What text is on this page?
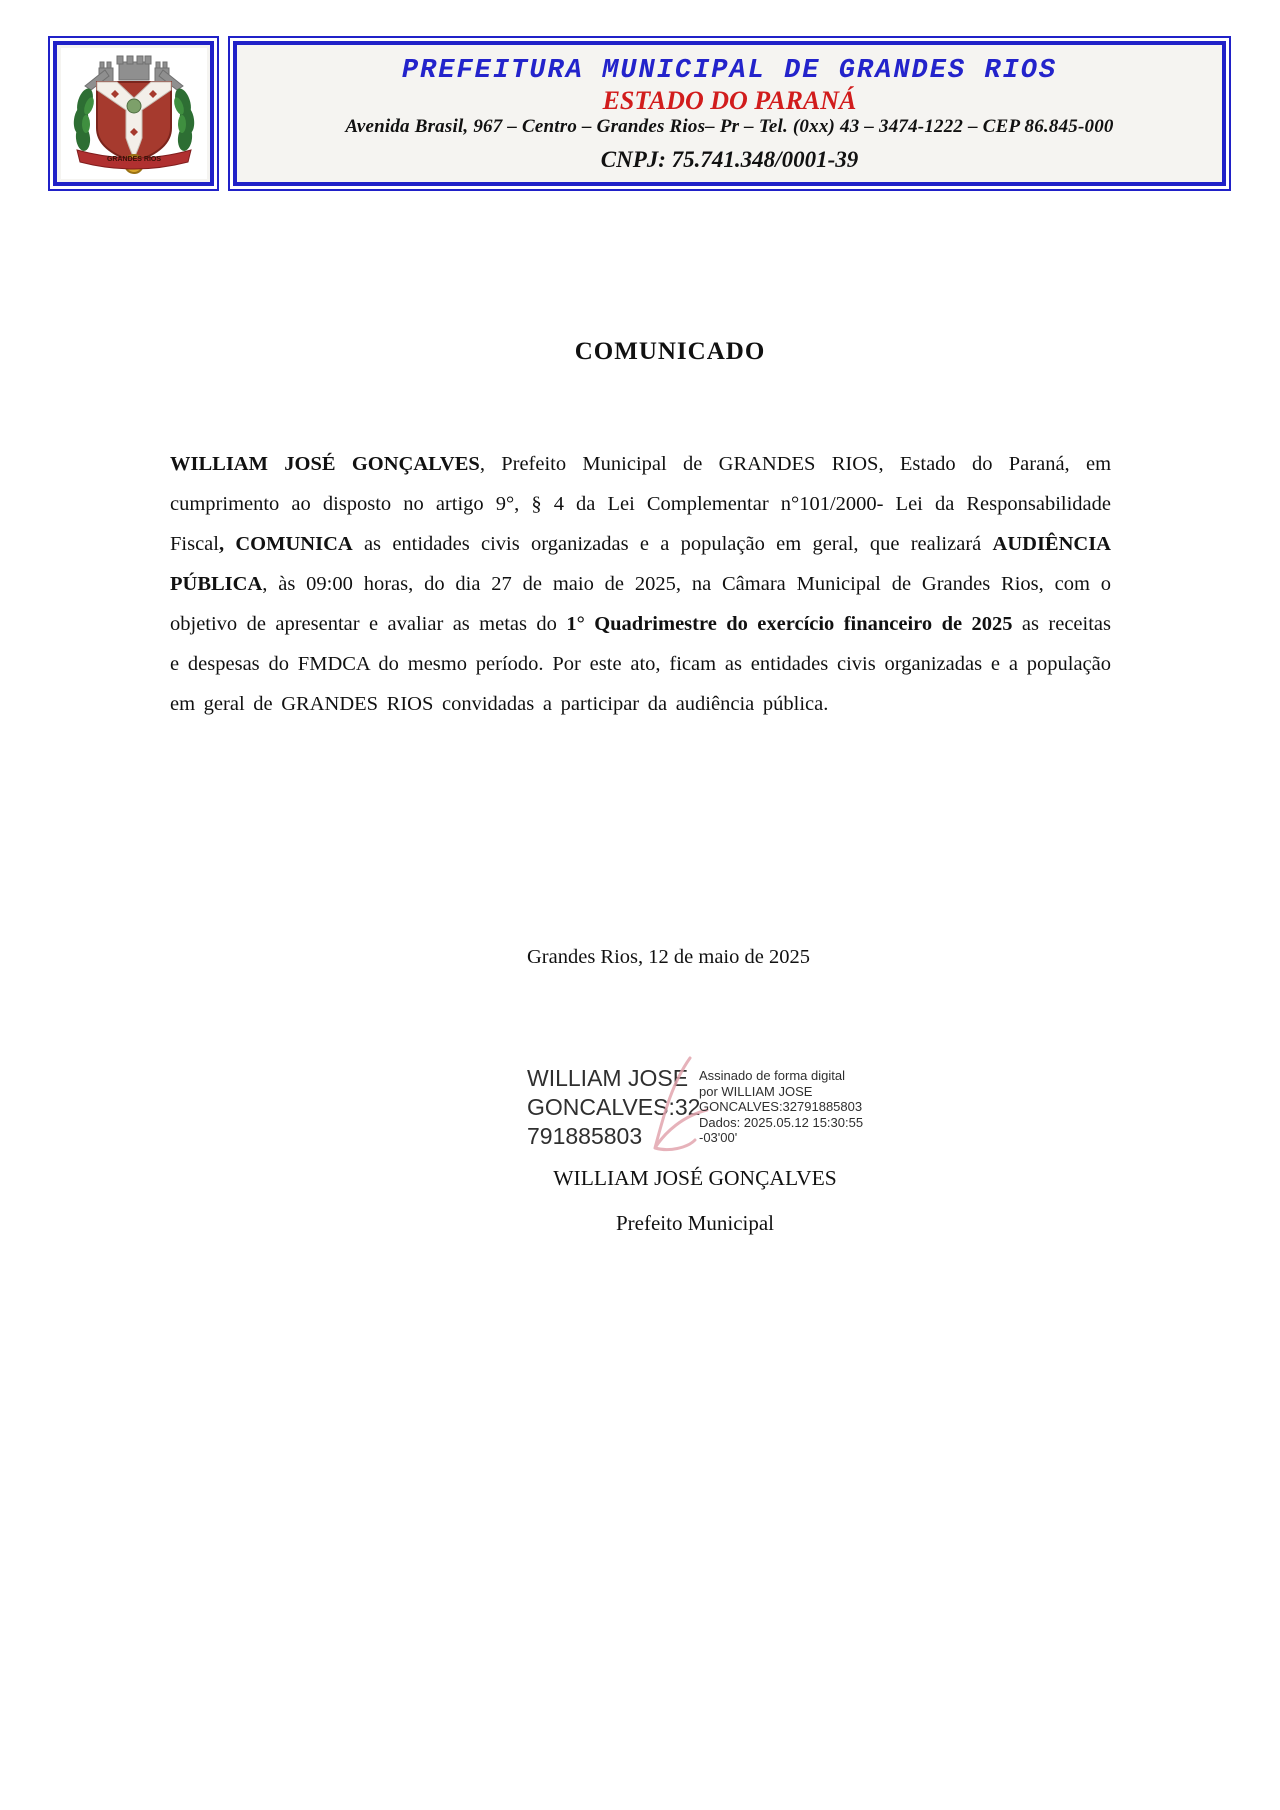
GRANDES RIOS
PREFEITURA MUNICIPAL DE GRANDES RIOS
ESTADO DO PARANÁ
Avenida Brasil, 967 – Centro – Grandes Rios– Pr – Tel. (0xx) 43 – 3474-1222 – CEP 86.845-000
CNPJ: 75.741.348/0001-39
COMUNICADO
WILLIAM JOSÉ GONÇALVES, Prefeito Municipal de GRANDES RIOS, Estado do Paraná, em cumprimento ao disposto no artigo 9°, § 4 da Lei Complementar n°101/2000- Lei da Responsabilidade Fiscal, COMUNICA as entidades civis organizadas e a população em geral, que realizará AUDIÊNCIA PÚBLICA, às 09:00 horas, do dia 27 de maio de 2025, na Câmara Municipal de Grandes Rios, com o objetivo de apresentar e avaliar as metas do 1° Quadrimestre do exercício financeiro de 2025 as receitas e despesas do FMDCA do mesmo período. Por este ato, ficam as entidades civis organizadas e a população em geral de GRANDES RIOS convidadas a participar da audiência pública.
Grandes Rios, 12 de maio de 2025
WILLIAM JOSE
GONCALVES:32
791885803
Assinado de forma digital
por WILLIAM JOSE
GONCALVES:32791885803
Dados: 2025.05.12 15:30:55
-03'00'
WILLIAM JOSÉ GONÇALVES
Prefeito Municipal
